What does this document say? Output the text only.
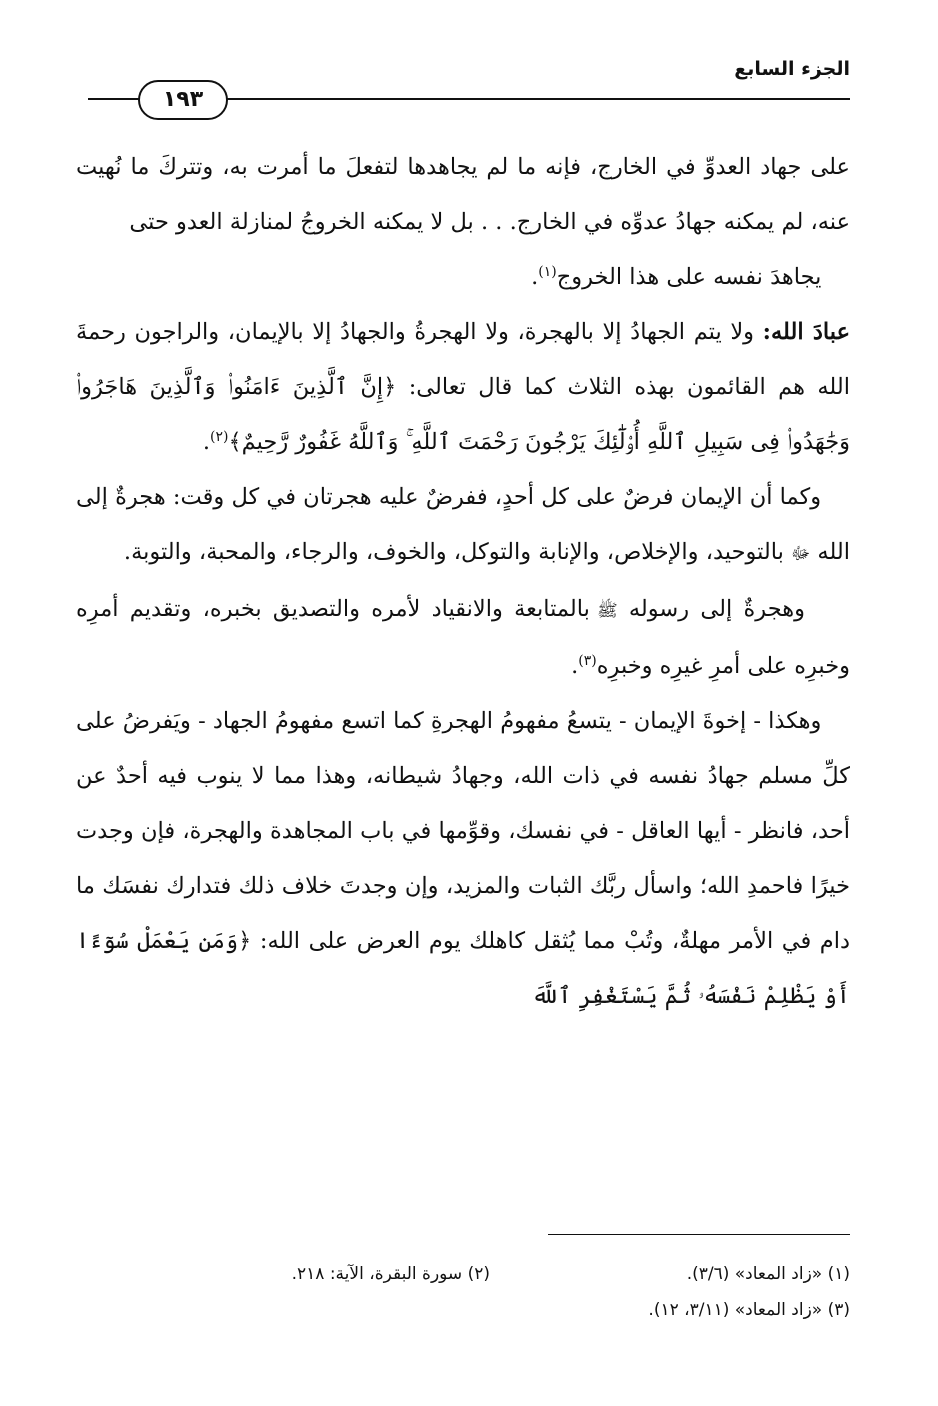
الجزء السابع
١٩٣

على جهاد العدوِّ في الخارج، فإنه ما لم يجاهدها لتفعلَ ما أمرت به، وتتركَ ما نُهيت عنه، لم يمكنه جهادُ عدوِّه في الخارج. . . بل لا يمكنه الخروجُ لمنازلة العدو حتى

يجاهدَ نفسه على هذا الخروج$^{(١)}$.

عبادَ الله: ولا يتم الجهادُ إلا بالهجرة، ولا الهجرةُ والجهادُ إلا بالإيمان، والراجون رحمةَ الله هم القائمون بهذه الثلاث كما قال تعالى: ﴿إِنَّ ٱلَّذِينَ ءَامَنُوا۟ وَٱلَّذِينَ هَاجَرُوا۟ وَجَٰهَدُوا۟ فِى سَبِيلِ ٱللَّهِ أُو۟لَٰٓئِكَ يَرْجُونَ رَحْمَتَ ٱللَّهِ ۚ وَٱللَّهُ غَفُورٌ رَّحِيمٌ﴾$^{(٢)}$.

وكما أن الإيمان فرضٌ على كل أحدٍ، ففرضٌ عليه هجرتان في كل وقت: هجرةٌ إلى الله ﷻ بالتوحيد، والإخلاص، والإنابة والتوكل، والخوف، والرجاء، والمحبة، والتوبة.

وهجرةٌ إلى رسوله ﷺ بالمتابعة والانقياد لأمره والتصديق بخبره، وتقديم أمرِه وخبرِه على أمرِ غيرِه وخبرِه$^{(٣)}$.

وهكذا - إخوةَ الإيمان - يتسعُ مفهومُ الهجرةِ كما اتسع مفهومُ الجهاد - ويَفرضُ على كلِّ مسلم جهادُ نفسه في ذات الله، وجهادُ شيطانه، وهذا مما لا ينوب فيه أحدٌ عن أحد، فانظر - أيها العاقل - في نفسك، وقوِّمها في باب المجاهدة والهجرة، فإن وجدت خيرًا فاحمدِ الله؛ واسأل ربَّك الثبات والمزيد، وإن وجدتَ خلاف ذلك فتدارك نفسَك ما دام في الأمر مهلةٌ، وتُبْ مما يُثقل كاهلك يوم العرض على الله: ﴿وَمَن يَعْمَلْ سُوٓءًا أَوْ يَظْلِمْ نَفْسَهُۥ ثُمَّ يَسْتَغْفِرِ ٱللَّهَ

(١) «زاد المعاد» (٣/٦).
(٢) سورة البقرة، الآية: ٢١٨.
(٣) «زاد المعاد» (٣/١١، ١٢).
